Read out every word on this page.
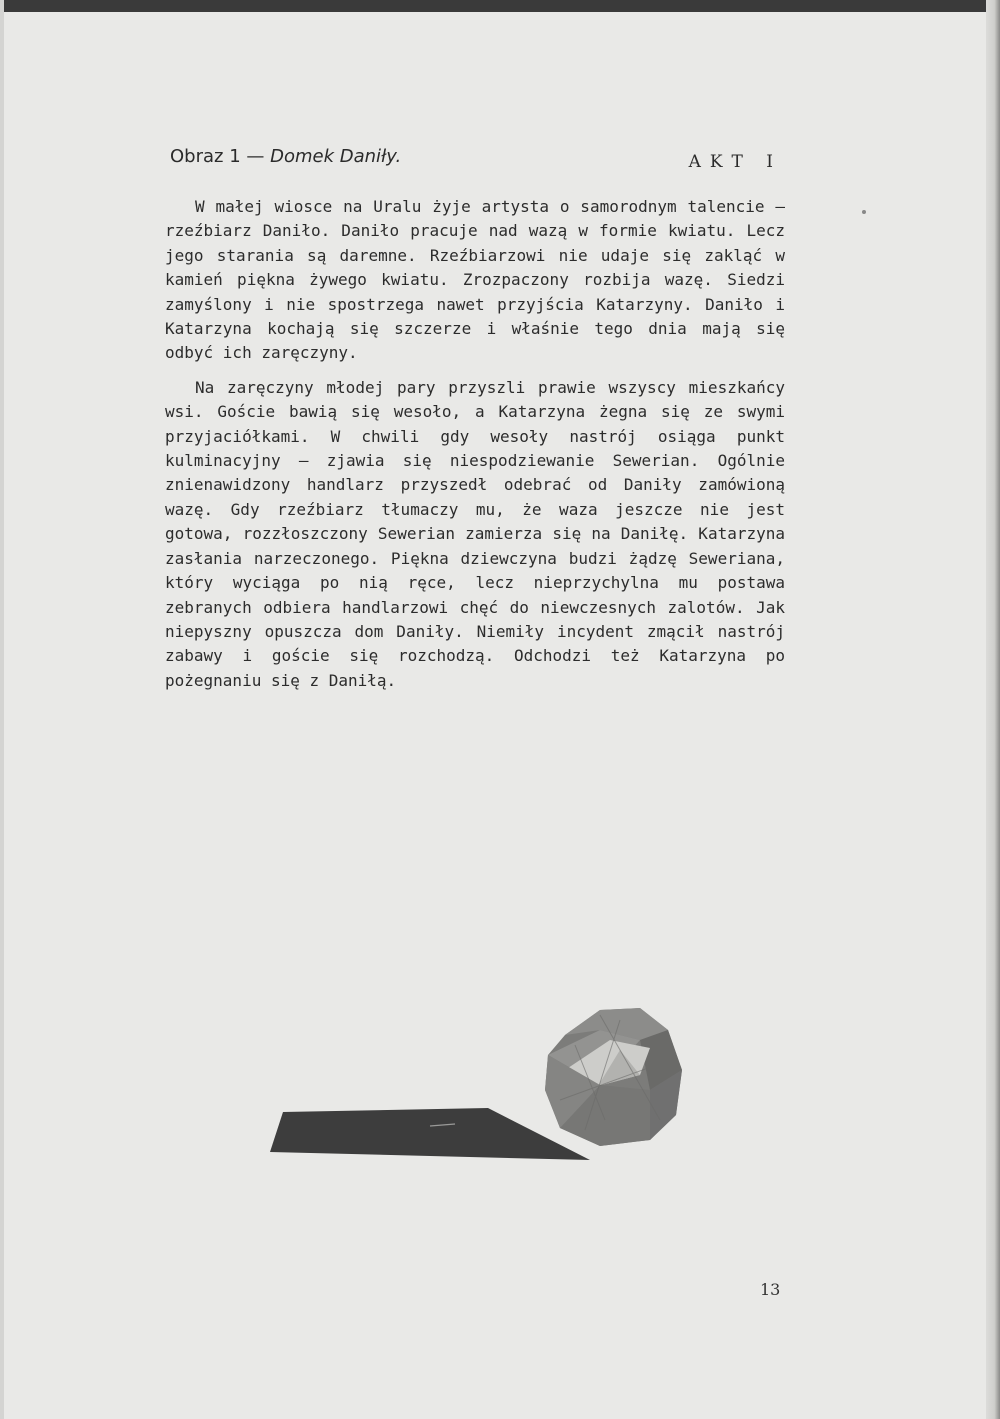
Obraz 1 — Domek Daniły.	AKT I

W małej wiosce na Uralu żyje artysta o samorodnym talencie — rzeźbiarz Daniło. Daniło pracuje nad wazą w formie kwiatu. Lecz jego starania są daremne. Rzeźbiarzowi nie udaje się zakląć w kamień piękna żywego kwiatu. Zrozpaczony rozbija wazę. Siedzi zamyślony i nie spostrzega nawet przyjścia Katarzyny. Daniło i Katarzyna kochają się szczerze i właśnie tego dnia mają się odbyć ich zaręczyny.

Na zaręczyny młodej pary przyszli prawie wszyscy mieszkańcy wsi. Goście bawią się wesoło, a Katarzyna żegna się ze swymi przyjaciółkami. W chwili gdy wesoły nastrój osiąga punkt kulminacyjny — zjawia się niespodziewanie Sewerian. Ogólnie znienawidzony handlarz przyszedł odebrać od Daniły zamówioną wazę. Gdy rzeźbiarz tłumaczy mu, że waza jeszcze nie jest gotowa, rozzłoszczony Sewerian zamierza się na Daniłę. Katarzyna zasłania narzeczonego. Piękna dziewczyna budzi żądzę Seweriana, który wyciąga po nią ręce, lecz nieprzychylna mu postawa zebranych odbiera handlarzowi chęć do niewczesnych zalotów. Jak niepyszny opuszcza dom Daniły. Niemiły incydent zmącił nastrój zabawy i goście się rozchodzą. Odchodzi też Katarzyna po pożegnaniu się z Daniłą.

13
